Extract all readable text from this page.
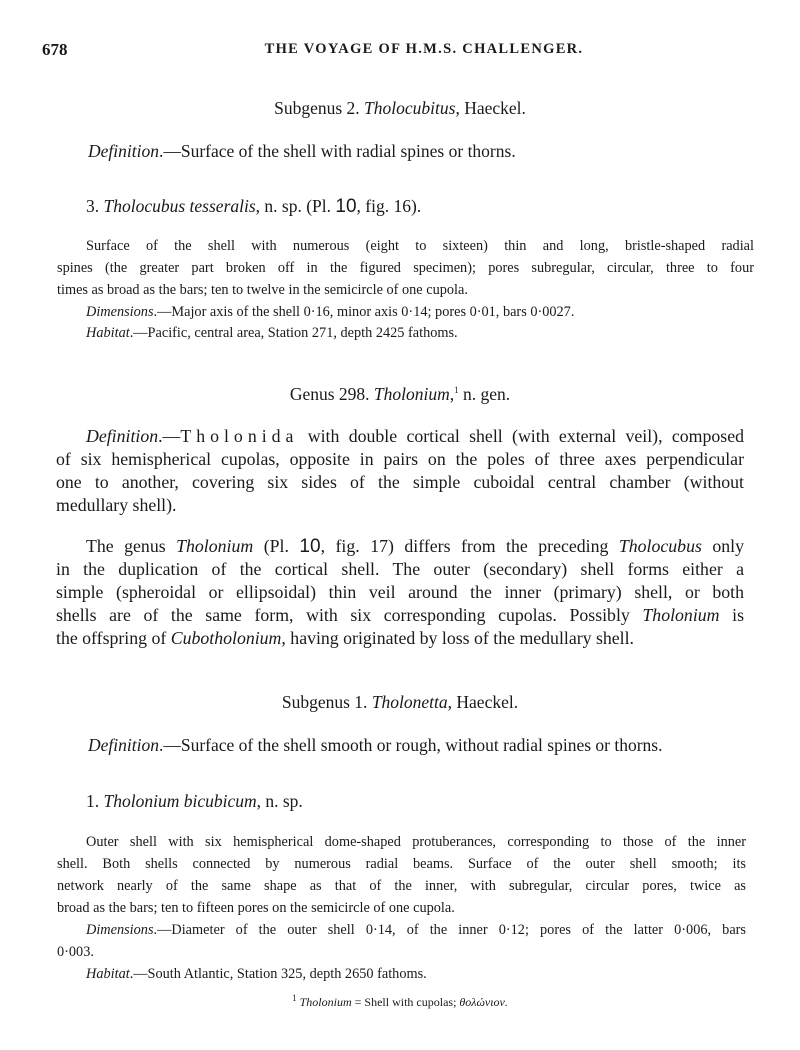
678	THE VOYAGE OF H.M.S. CHALLENGER.
Subgenus 2. Tholocubitus, Haeckel.
Definition.—Surface of the shell with radial spines or thorns.
3. Tholocubus tesseralis, n. sp. (Pl. 10, fig. 16).
Surface of the shell with numerous (eight to sixteen) thin and long, bristle-shaped radial
spines (the greater part broken off in the figured specimen); pores subregular, circular, three to four
times as broad as the bars; ten to twelve in the semicircle of one cupola.
Dimensions.—Major axis of the shell 0·16, minor axis 0·14; pores 0·01, bars 0·0027.
Habitat.—Pacific, central area, Station 271, depth 2425 fathoms.
Genus 298. Tholonium,$^1$ n. gen.
Definition.—Tholonida with double cortical shell (with external veil), composed
of six hemispherical cupolas, opposite in pairs on the poles of three axes perpendicular
one to another, covering six sides of the simple cuboidal central chamber (without
medullary shell).
The genus Tholonium (Pl. 10, fig. 17) differs from the preceding Tholocubus only
in the duplication of the cortical shell. The outer (secondary) shell forms either a
simple (spheroidal or ellipsoidal) thin veil around the inner (primary) shell, or both
shells are of the same form, with six corresponding cupolas. Possibly Tholonium is
the offspring of Cubotholonium, having originated by loss of the medullary shell.
Subgenus 1. Tholonetta, Haeckel.
Definition.—Surface of the shell smooth or rough, without radial spines or thorns.
1. Tholonium bicubicum, n. sp.
Outer shell with six hemispherical dome-shaped protuberances, corresponding to those of the inner
shell. Both shells connected by numerous radial beams. Surface of the outer shell smooth; its
network nearly of the same shape as that of the inner, with subregular, circular pores, twice as
broad as the bars; ten to fifteen pores on the semicircle of one cupola.
Dimensions.—Diameter of the outer shell 0·14, of the inner 0·12; pores of the latter 0·006, bars
0·003.
Habitat.—South Atlantic, Station 325, depth 2650 fathoms.
$^1$ Tholonium = Shell with cupolas; θολώνιον.
